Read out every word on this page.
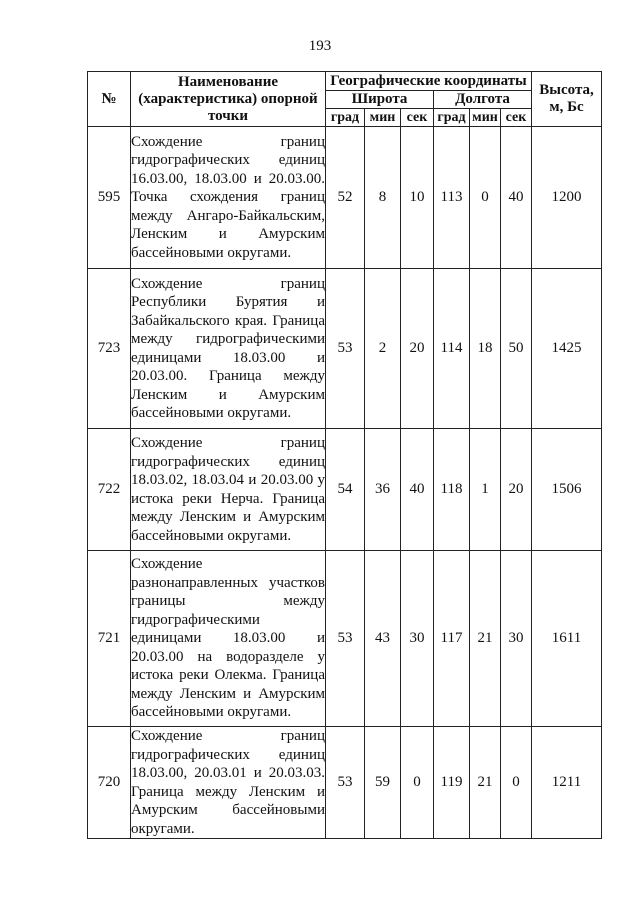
193
№	Наименование (характеристика) опорной точки	Географические координаты						Высота, м, Бс
		Широта			Долгота			
		град	мин	сек	град	мин	сек	
595	Схождение границ гидрографических единиц 16.03.00, 18.03.00 и 20.03.00. Точка схождения границ между Ангаро-Байкальским, Ленским и Амурским бассейновыми округами.	52	8	10	113	0	40	1200
723	Схождение границ Республики Бурятия и Забайкальского края. Граница между гидрографическими единицами 18.03.00 и 20.03.00. Граница между Ленским и Амурским бассейновыми округами.	53	2	20	114	18	50	1425
722	Схождение границ гидрографических единиц 18.03.02, 18.03.04 и 20.03.00 у истока реки Нерча. Граница между Ленским и Амурским бассейновыми округами.	54	36	40	118	1	20	1506
721	Схождение разнонаправленных участков границы между гидрографическими единицами 18.03.00 и 20.03.00 на водоразделе у истока реки Олекма. Граница между Ленским и Амурским бассейновыми округами.	53	43	30	117	21	30	1611
720	Схождение границ гидрографических единиц 18.03.00, 20.03.01 и 20.03.03. Граница между Ленским и Амурским бассейновыми округами.	53	59	0	119	21	0	1211
